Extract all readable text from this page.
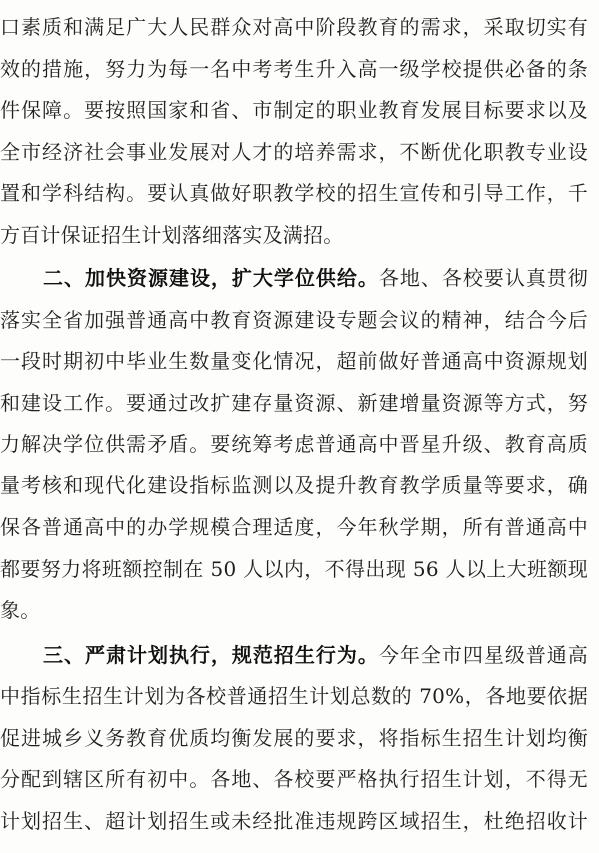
口素质和满足广大人民群众对高中阶段教育的需求，采取切实有
效的措施，努力为每一名中考考生升入高一级学校提供必备的条
件保障。要按照国家和省、市制定的职业教育发展目标要求以及
全市经济社会事业发展对人才的培养需求，不断优化职教专业设
置和学科结构。要认真做好职教学校的招生宣传和引导工作，千
方百计保证招生计划落细落实及满招。
二、加快资源建设，扩大学位供给。各地、各校要认真贯彻
落实全省加强普通高中教育资源建设专题会议的精神，结合今后
一段时期初中毕业生数量变化情况，超前做好普通高中资源规划
和建设工作。要通过改扩建存量资源、新建增量资源等方式，努
力解决学位供需矛盾。要统筹考虑普通高中晋星升级、教育高质
量考核和现代化建设指标监测以及提升教育教学质量等要求，确
保各普通高中的办学规模合理适度，今年秋学期，所有普通高中
都要努力将班额控制在 50 人以内，不得出现 56 人以上大班额现
象。
三、严肃计划执行，规范招生行为。今年全市四星级普通高
中指标生招生计划为各校普通招生计划总数的 70%，各地要依据
促进城乡义务教育优质均衡发展的要求，将指标生招生计划均衡
分配到辖区所有初中。各地、各校要严格执行招生计划，不得无
计划招生、超计划招生或未经批准违规跨区域招生，杜绝招收计
